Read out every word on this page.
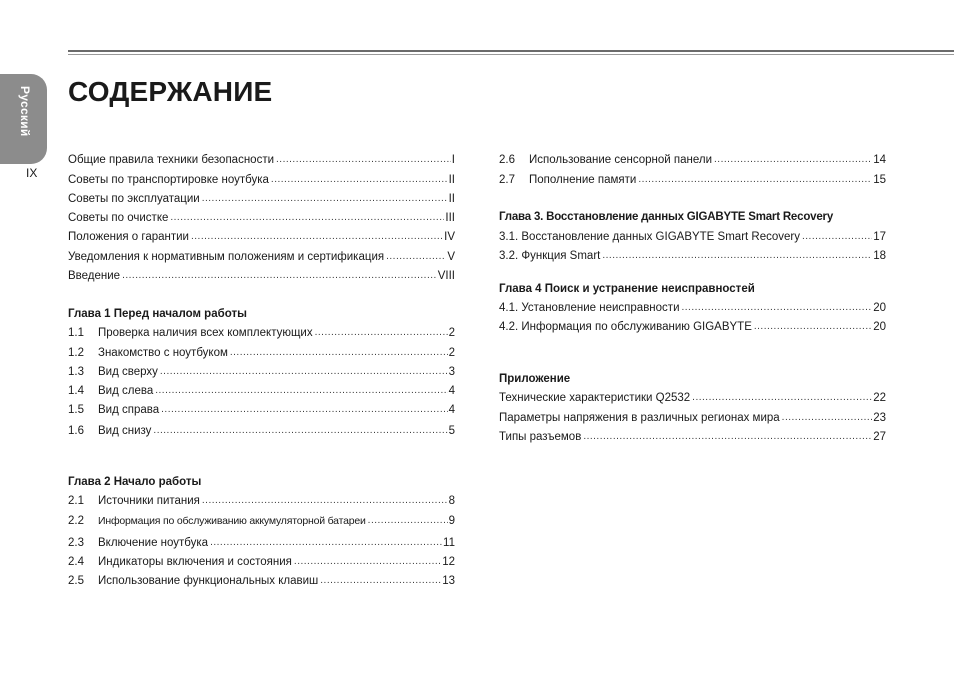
Русский
IX
СОДЕРЖАНИЕ
Общие правила техники безопасности .....	I
Советы по транспортировке ноутбука .....	II
Советы по эксплуатации .....	II
Советы по очистке .....	III
Положения о гарантии .....	IV
Уведомления к нормативным положениям и сертификация .....	V
Введение .....	VIII
Глава 1 Перед началом работы
1.1	Проверка наличия всех комплектующих .....	2
1.2	Знакомство с ноутбуком .....	2
1.3	Вид сверху .....	3
1.4	Вид слева .....	4
1.5	Вид справа .....	4
1.6	Вид снизу .....	5
Глава 2 Начало работы
2.1	Источники питания .....	8
2.2	Информация по обслуживанию аккумуляторной батареи .....	9
2.3	Включение ноутбука .....	11
2.4	Индикаторы включения и состояния .....	12
2.5	Использование функциональных клавиш .....	13
2.6	Использование сенсорной панели .....	14
2.7	Пополнение памяти .....	15
Глава 3. Восстановление данных GIGABYTE Smart Recovery
3.1. Восстановление данных GIGABYTE Smart Recovery .....	17
3.2. Функция Smart .....	18
Глава 4 Поиск и устранение неисправностей
4.1. Установление неисправности .....	20
4.2. Информация по обслуживанию GIGABYTE .....	20
Приложение
Технические характеристики Q2532 .....	22
Параметры напряжения в различных регионах мира .....	23
Типы разъемов .....	27
